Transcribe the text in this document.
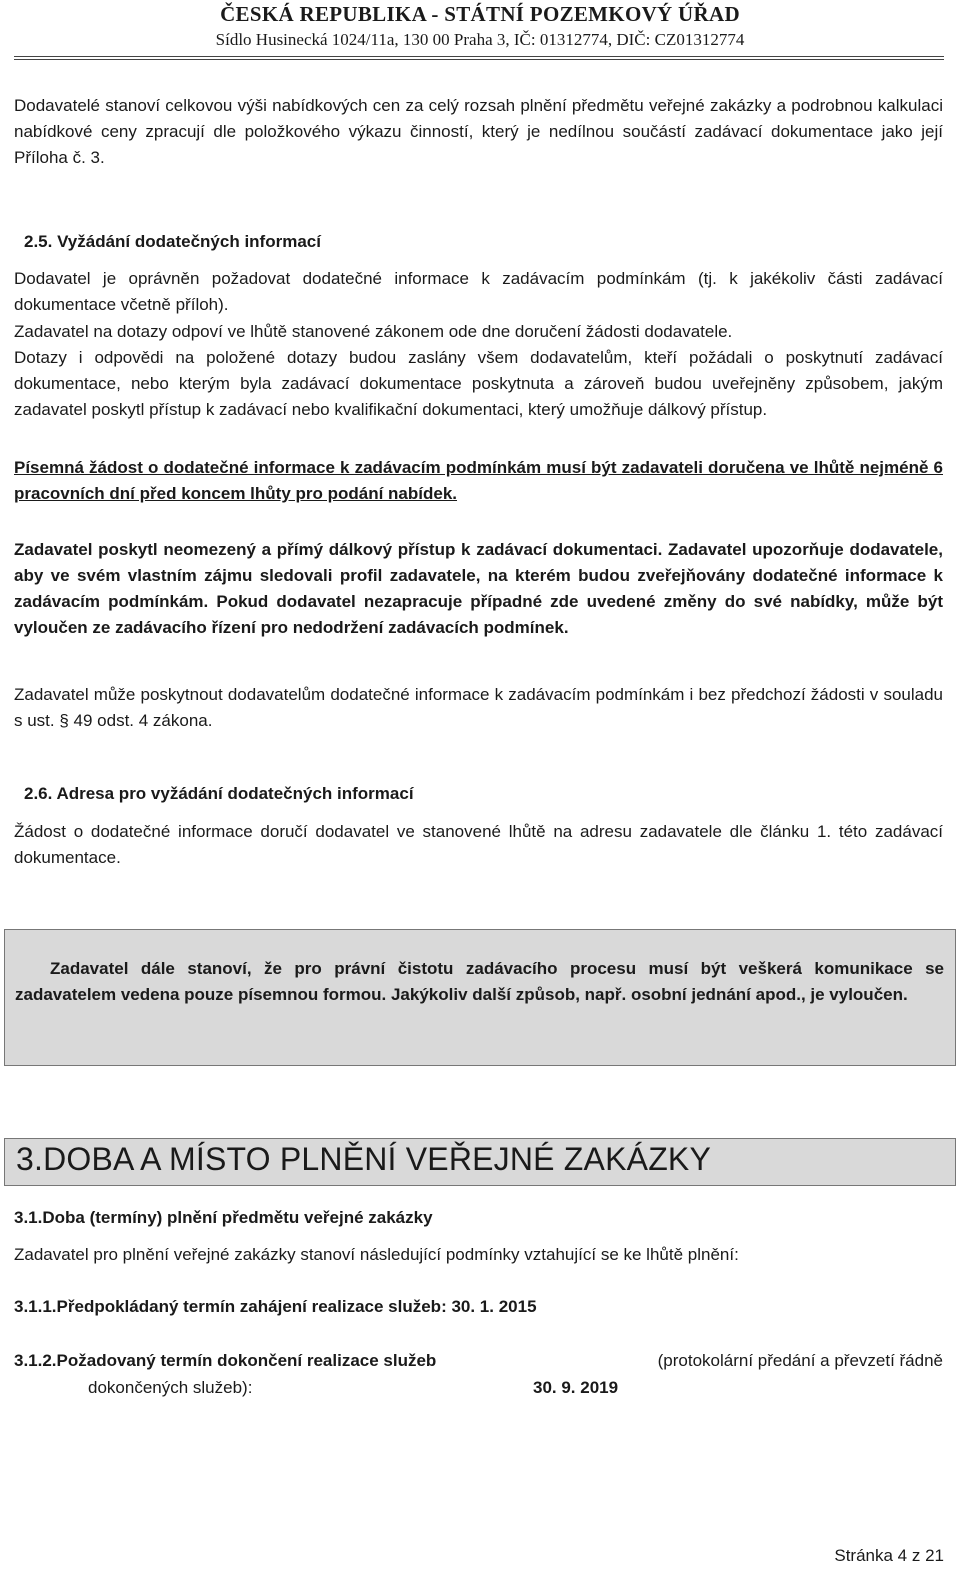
ČESKÁ REPUBLIKA - STÁTNÍ POZEMKOVÝ ÚŘAD
Sídlo Husinecká 1024/11a, 130 00 Praha 3, IČ: 01312774, DIČ: CZ01312774

Dodavatelé stanoví celkovou výši nabídkových cen za celý rozsah plnění předmětu veřejné zakázky a podrobnou kalkulaci nabídkové ceny zpracují dle položkového výkazu činností, který je nedílnou součástí zadávací dokumentace jako její Příloha č. 3.

2.5. Vyžádání dodatečných informací

Dodavatel je oprávněn požadovat dodatečné informace k zadávacím podmínkám (tj. k jakékoliv části zadávací dokumentace včetně příloh).

Zadavatel na dotazy odpoví ve lhůtě stanovené zákonem ode dne doručení žádosti dodavatele.

Dotazy i odpovědi na položené dotazy budou zaslány všem dodavatelům, kteří požádali o poskytnutí zadávací dokumentace, nebo kterým byla zadávací dokumentace poskytnuta a zároveň budou uveřejněny způsobem, jakým zadavatel poskytl přístup k zadávací nebo kvalifikační dokumentaci, který umožňuje dálkový přístup.

Písemná žádost o dodatečné informace k zadávacím podmínkám musí být zadavateli doručena ve lhůtě nejméně 6 pracovních dní před koncem lhůty pro podání nabídek.

Zadavatel poskytl neomezený a přímý dálkový přístup k zadávací dokumentaci. Zadavatel upozorňuje dodavatele, aby ve svém vlastním zájmu sledovali profil zadavatele, na kterém budou zveřejňovány dodatečné informace k zadávacím podmínkám. Pokud dodavatel nezapracuje případné zde uvedené změny do své nabídky, může být vyloučen ze zadávacího řízení pro nedodržení zadávacích podmínek.

Zadavatel může poskytnout dodavatelům dodatečné informace k zadávacím podmínkám i bez předchozí žádosti v souladu s ust. § 49 odst. 4 zákona.

2.6. Adresa pro vyžádání dodatečných informací

Žádost o dodatečné informace doručí dodavatel ve stanovené lhůtě na adresu zadavatele dle článku 1. této zadávací dokumentace.

Zadavatel dále stanoví, že pro právní čistotu zadávacího procesu musí být veškerá komunikace se zadavatelem vedena pouze písemnou formou. Jakýkoliv další způsob, např. osobní jednání apod., je vyloučen.

3.DOBA A MÍSTO PLNĚNÍ VEŘEJNÉ ZAKÁZKY

3.1.Doba (termíny) plnění předmětu veřejné zakázky

Zadavatel pro plnění veřejné zakázky stanoví následující podmínky vztahující se ke lhůtě plnění:

3.1.1.Předpokládaný termín zahájení realizace služeb: 30. 1. 2015

3.1.2.Požadovaný termín dokončení realizace služeb	(protokolární předání a převzetí řádně

dokončených služeb):	30. 9. 2019

Stránka 4 z 21
